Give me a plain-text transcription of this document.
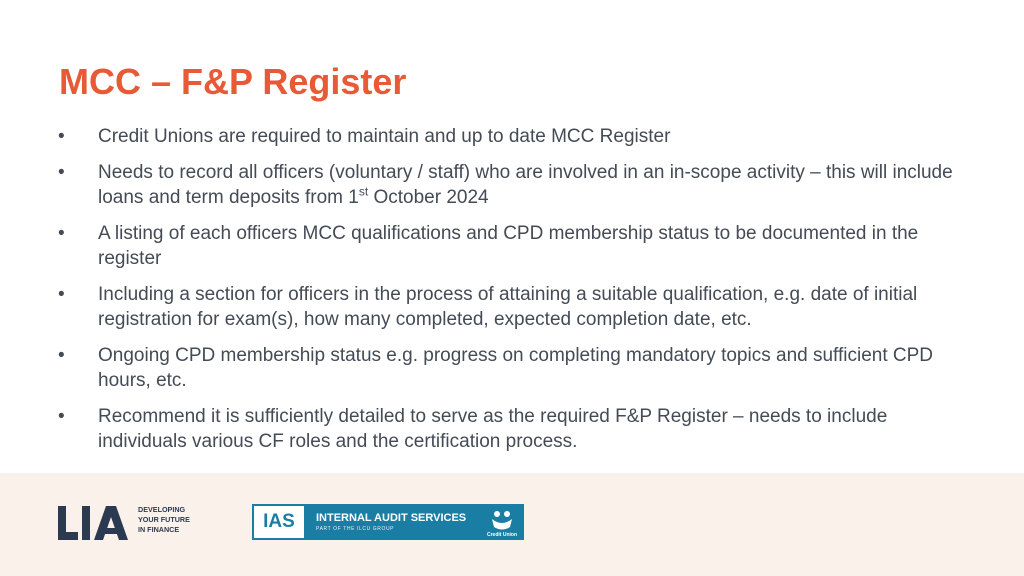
MCC – F&P Register
• Credit Unions are required to maintain and up to date MCC Register
• Needs to record all officers (voluntary / staff) who are involved in an in-scope activity – this will include loans and term deposits from 1st October 2024
• A listing of each officers MCC qualifications and CPD membership status to be documented in the register
• Including a section for officers in the process of attaining a suitable qualification, e.g. date of initial registration for exam(s), how many completed, expected completion date, etc.
• Ongoing CPD membership status e.g. progress on completing mandatory topics and sufficient CPD hours, etc.
• Recommend it is sufficiently detailed to serve as the required F&P Register – needs to include individuals various CF roles and the certification process.
DEVELOPING
YOUR FUTURE
IN FINANCE	IAS	INTERNAL AUDIT SERVICES
PART OF THE ILCU GROUP
Credit Union
